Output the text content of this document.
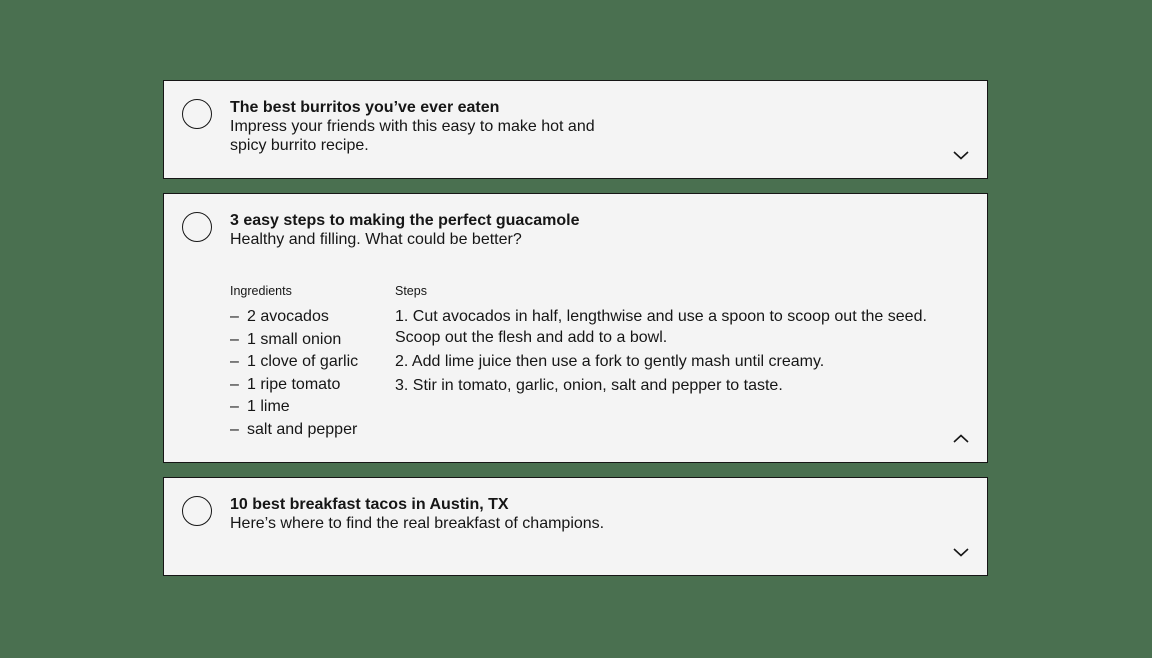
The best burritos you’ve ever eaten
Impress your friends with this easy to make hot and spicy burrito recipe.
3 easy steps to making the perfect guacamole
Healthy and filling. What could be better?
Ingredients
– 2 avocados
– 1 small onion
– 1 clove of garlic
– 1 ripe tomato
– 1 lime
– salt and pepper
Steps

1. Cut avocados in half, lengthwise and use a spoon to scoop out the seed. Scoop out the flesh and add to a bowl.

2. Add lime juice then use a fork to gently mash until creamy.

3. Stir in tomato, garlic, onion, salt and pepper to taste.

10 best breakfast tacos in Austin, TX
Here’s where to find the real breakfast of champions.
